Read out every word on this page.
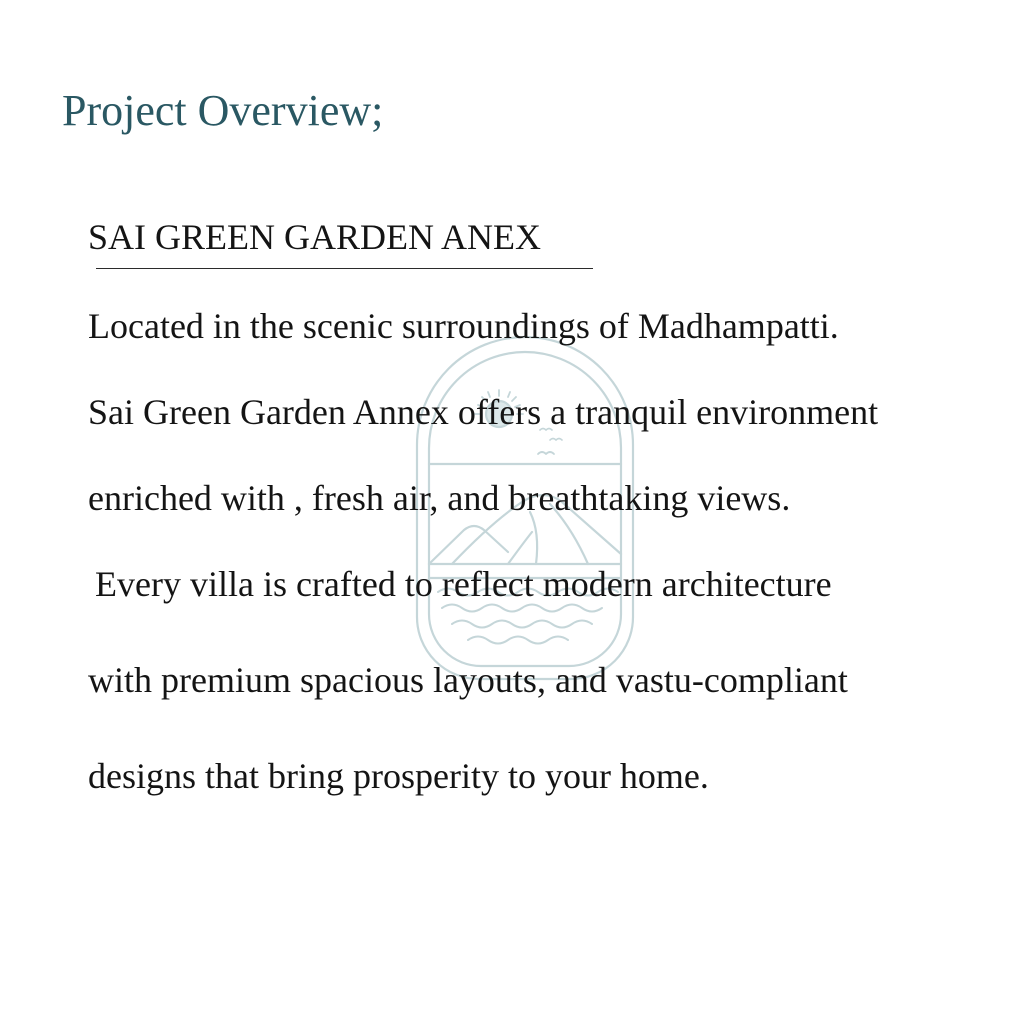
Project Overview;
SAI GREEN GARDEN ANEX

Located in the scenic surroundings of Madhampatti.

Sai Green Garden Annex offers a tranquil environment

enriched with , fresh air, and breathtaking views.

Every villa is crafted to reflect modern architecture

with premium spacious layouts, and vastu-compliant

designs that bring prosperity to your home.
